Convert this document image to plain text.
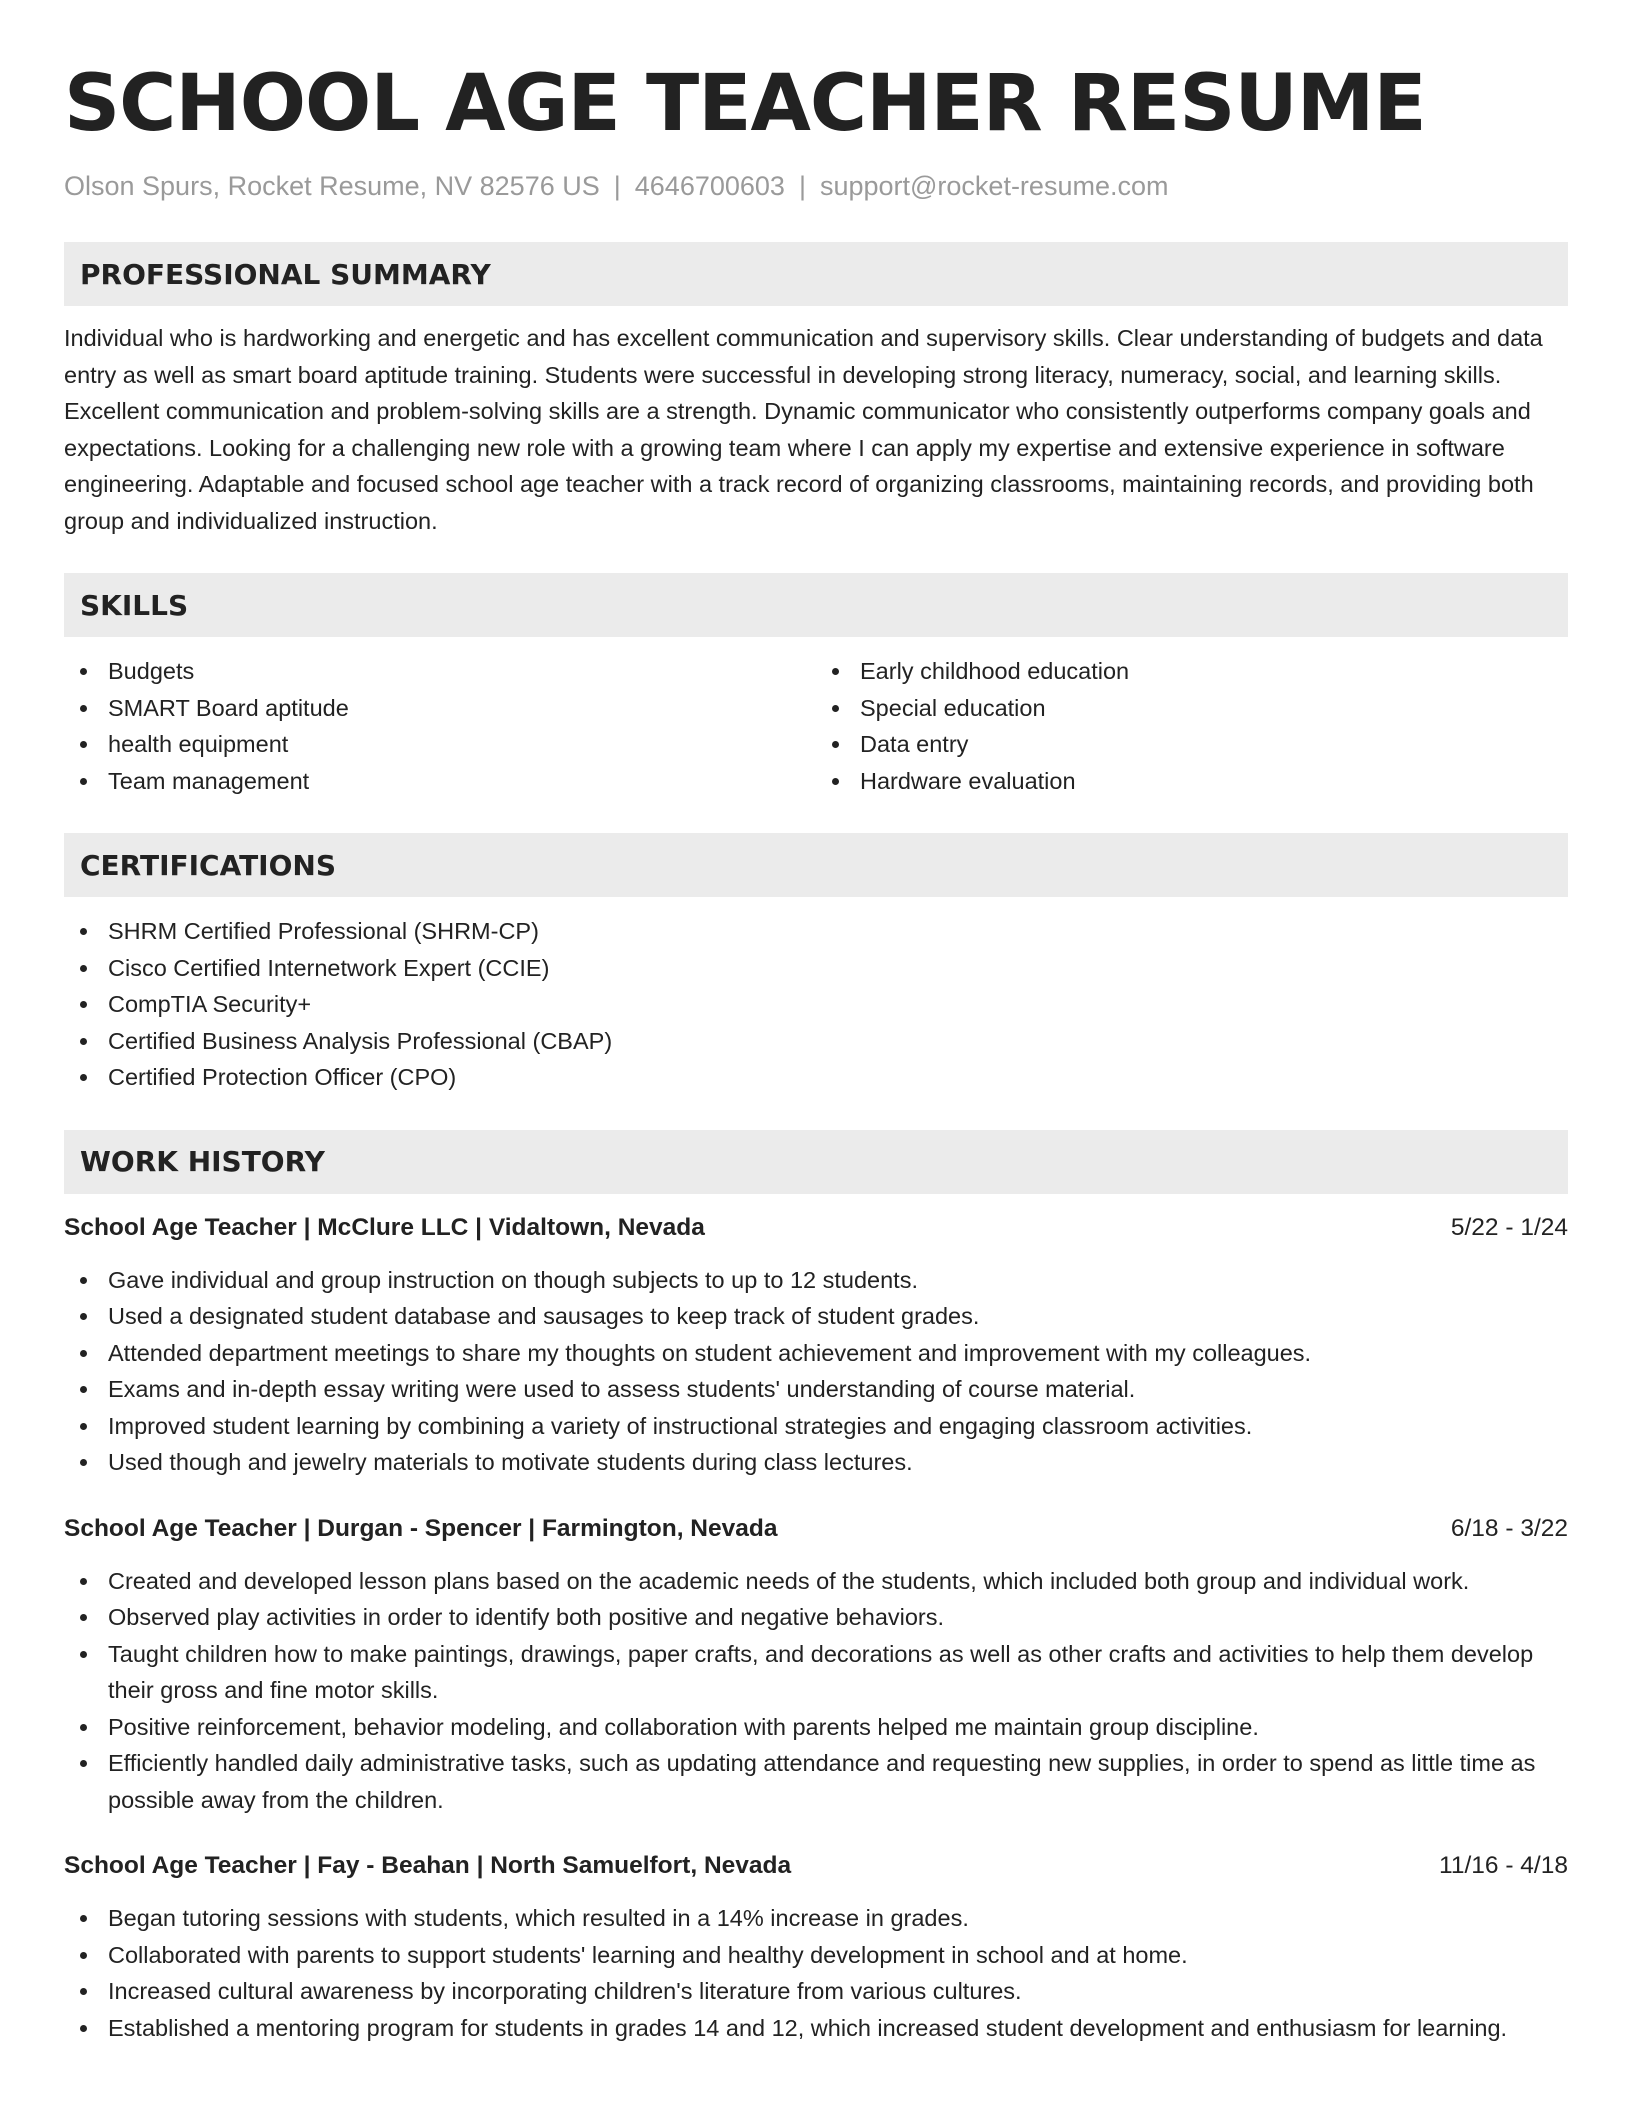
SCHOOL AGE TEACHER RESUME
Olson Spurs, Rocket Resume, NV 82576 US | 4646700603 | support@rocket-resume.com
PROFESSIONAL SUMMARY

Individual who is hardworking and energetic and has excellent communication and supervisory skills. Clear understanding of budgets and data entry as well as smart board aptitude training. Students were successful in developing strong literacy, numeracy, social, and learning skills. Excellent communication and problem-solving skills are a strength. Dynamic communicator who consistently outperforms company goals and expectations. Looking for a challenging new role with a growing team where I can apply my expertise and extensive experience in software engineering. Adaptable and focused school age teacher with a track record of organizing classrooms, maintaining records, and providing both group and individualized instruction.

SKILLS
Budgets
SMART Board aptitude
health equipment
Team management
Early childhood education
Special education
Data entry
Hardware evaluation
CERTIFICATIONS
SHRM Certified Professional (SHRM-CP)
Cisco Certified Internetwork Expert (CCIE)
CompTIA Security+
Certified Business Analysis Professional (CBAP)
Certified Protection Officer (CPO)
WORK HISTORY
School Age Teacher | McClure LLC | Vidaltown, Nevada	5/22 - 1/24
Gave individual and group instruction on though subjects to up to 12 students.
Used a designated student database and sausages to keep track of student grades.
Attended department meetings to share my thoughts on student achievement and improvement with my colleagues.
Exams and in-depth essay writing were used to assess students' understanding of course material.
Improved student learning by combining a variety of instructional strategies and engaging classroom activities.
Used though and jewelry materials to motivate students during class lectures.
School Age Teacher | Durgan - Spencer | Farmington, Nevada	6/18 - 3/22
Created and developed lesson plans based on the academic needs of the students, which included both group and individual work.
Observed play activities in order to identify both positive and negative behaviors.
Taught children how to make paintings, drawings, paper crafts, and decorations as well as other crafts and activities to help them develop their gross and fine motor skills.
Positive reinforcement, behavior modeling, and collaboration with parents helped me maintain group discipline.
Efficiently handled daily administrative tasks, such as updating attendance and requesting new supplies, in order to spend as little time as possible away from the children.
School Age Teacher | Fay - Beahan | North Samuelfort, Nevada	11/16 - 4/18
Began tutoring sessions with students, which resulted in a 14% increase in grades.
Collaborated with parents to support students' learning and healthy development in school and at home.
Increased cultural awareness by incorporating children's literature from various cultures.
Established a mentoring program for students in grades 14 and 12, which increased student development and enthusiasm for learning.
